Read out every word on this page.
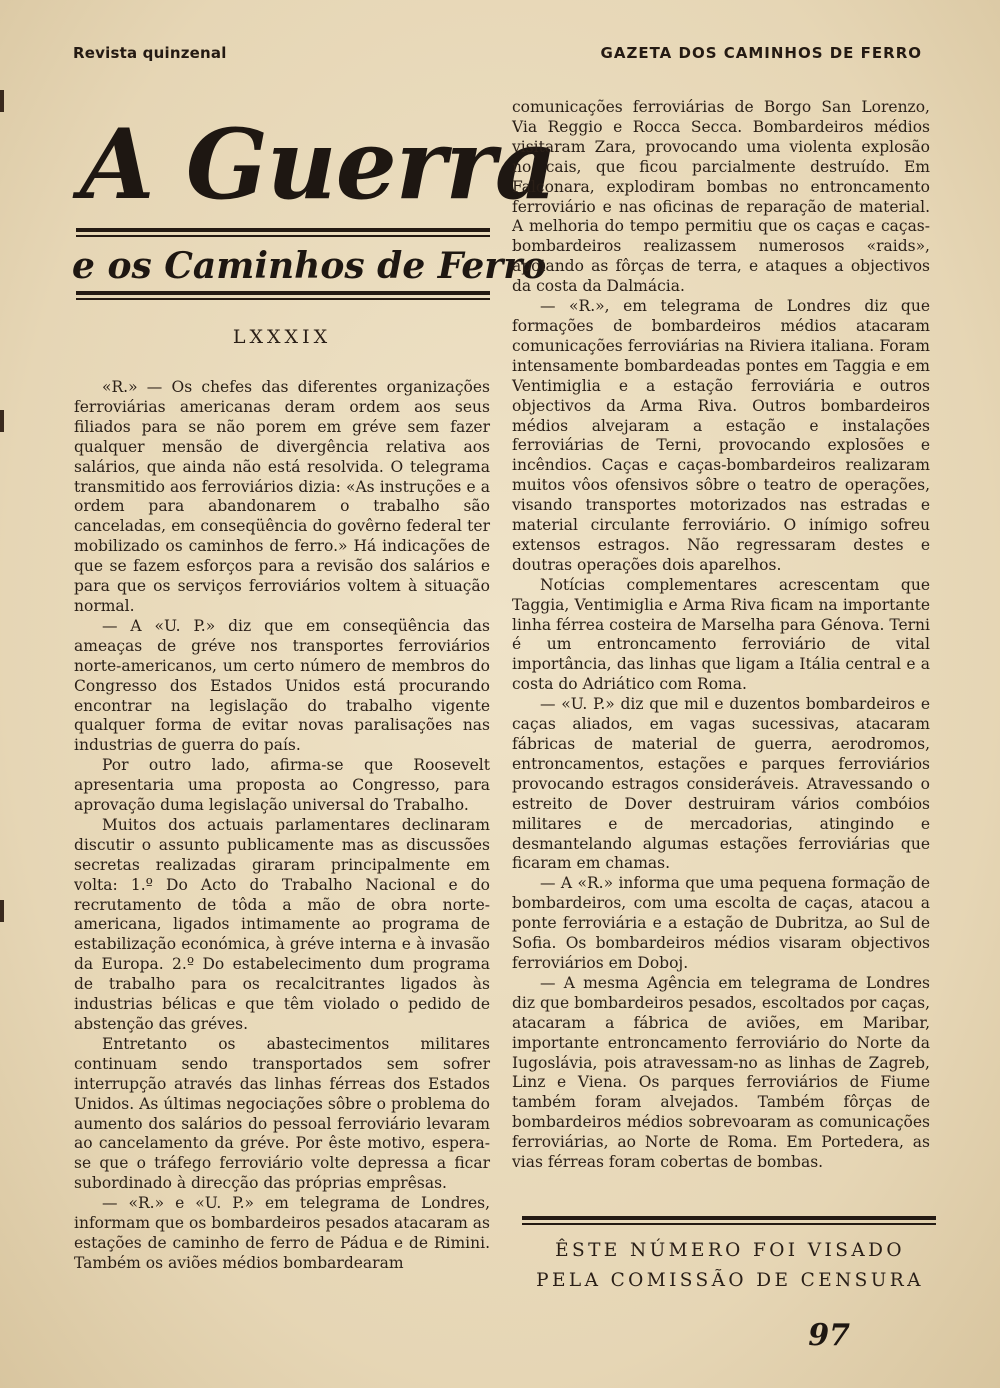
Revista quinzenal	GAZETA DOS CAMINHOS DE FERRO
A Guerra
e os Caminhos de Ferro
LXXXIX

«R.» — Os chefes das diferentes organizações ferroviárias americanas deram ordem aos seus filiados para se não porem em gréve sem fazer qualquer mensão de divergência relativa aos salários, que ainda não está resolvida. O telegrama transmitido aos ferroviários dizia: «As instruções e a ordem para abandonarem o trabalho são canceladas, em conseqüência do govêrno federal ter mobilizado os caminhos de ferro.» Há indicações de que se fazem esforços para a revisão dos salários e para que os serviços ferroviários voltem à situação normal.

— A «U. P.» diz que em conseqüência das ameaças de gréve nos transportes ferroviários norte-americanos, um certo número de membros do Congresso dos Estados Unidos está procurando encontrar na legislação do trabalho vigente qualquer forma de evitar novas paralisações nas industrias de guerra do país.

Por outro lado, afirma-se que Roosevelt apresentaria uma proposta ao Congresso, para aprovação duma legislação universal do Trabalho.

Muitos dos actuais parlamentares declinaram discutir o assunto publicamente mas as discussões secretas realizadas giraram principalmente em volta: 1.º Do Acto do Trabalho Nacional e do recrutamento de tôda a mão de obra norte-americana, ligados intimamente ao programa de estabilização económica, à gréve interna e à invasão da Europa. 2.º Do estabelecimento dum programa de trabalho para os recalcitrantes ligados às industrias bélicas e que têm violado o pedido de abstenção das gréves.

Entretanto os abastecimentos militares continuam sendo transportados sem sofrer interrupção através das linhas férreas dos Estados Unidos. As últimas negociações sôbre o problema do aumento dos salários do pessoal ferroviário levaram ao cancelamento da gréve. Por êste motivo, espera-se que o tráfego ferroviário volte depressa a ficar subordinado à direcção das próprias emprêsas.

— «R.» e «U. P.» em telegrama de Londres, informam que os bombardeiros pesados atacaram as estações de caminho de ferro de Pádua e de Rimini. Também os aviões médios bombardearam

comunicações ferroviárias de Borgo San Lorenzo, Via Reggio e Rocca Secca. Bombardeiros médios visitaram Zara, provocando uma violenta explosão no cais, que ficou parcialmente destruído. Em Falconara, explodiram bombas no entroncamento ferroviário e nas oficinas de reparação de material. A melhoria do tempo permitiu que os caças e caças-bombardeiros realizassem numerosos «raids», apoiando as fôrças de terra, e ataques a objectivos da costa da Dalmácia.

— «R.», em telegrama de Londres diz que formações de bombardeiros médios atacaram comunicações ferroviárias na Riviera italiana. Foram intensamente bombardeadas pontes em Taggia e em Ventimiglia e a estação ferroviária e outros objectivos da Arma Riva. Outros bombardeiros médios alvejaram a estação e instalações ferroviárias de Terni, provocando explosões e incêndios. Caças e caças-bombardeiros realizaram muitos vôos ofensivos sôbre o teatro de operações, visando transportes motorizados nas estradas e material circulante ferroviário. O inímigo sofreu extensos estragos. Não regressaram destes e doutras operações dois aparelhos.

Notícias complementares acrescentam que Taggia, Ventimiglia e Arma Riva ficam na importante linha férrea costeira de Marselha para Génova. Terni é um entroncamento ferroviário de vital importância, das linhas que ligam a Itália central e a costa do Adriático com Roma.

— «U. P.» diz que mil e duzentos bombardeiros e caças aliados, em vagas sucessivas, atacaram fábricas de material de guerra, aerodromos, entroncamentos, estações e parques ferroviários provocando estragos consideráveis. Atravessando o estreito de Dover destruiram vários combóios militares e de mercadorias, atingindo e desmantelando algumas estações ferroviárias que ficaram em chamas.

— A «R.» informa que uma pequena formação de bombardeiros, com uma escolta de caças, atacou a ponte ferroviária e a estação de Dubritza, ao Sul de Sofia. Os bombardeiros médios visaram objectivos ferroviários em Doboj.

— A mesma Agência em telegrama de Londres diz que bombardeiros pesados, escoltados por caças, atacaram a fábrica de aviões, em Maribar, importante entroncamento ferroviário do Norte da Iugoslávia, pois atravessam-no as linhas de Zagreb, Linz e Viena. Os parques ferroviários de Fiume também foram alvejados. Também fôrças de bombardeiros médios sobrevoaram as comunicações ferroviárias, ao Norte de Roma. Em Portedera, as vias férreas foram cobertas de bombas.

ÊSTE NÚMERO FOI VISADO
PELA COMISSÃO DE CENSURA
97
